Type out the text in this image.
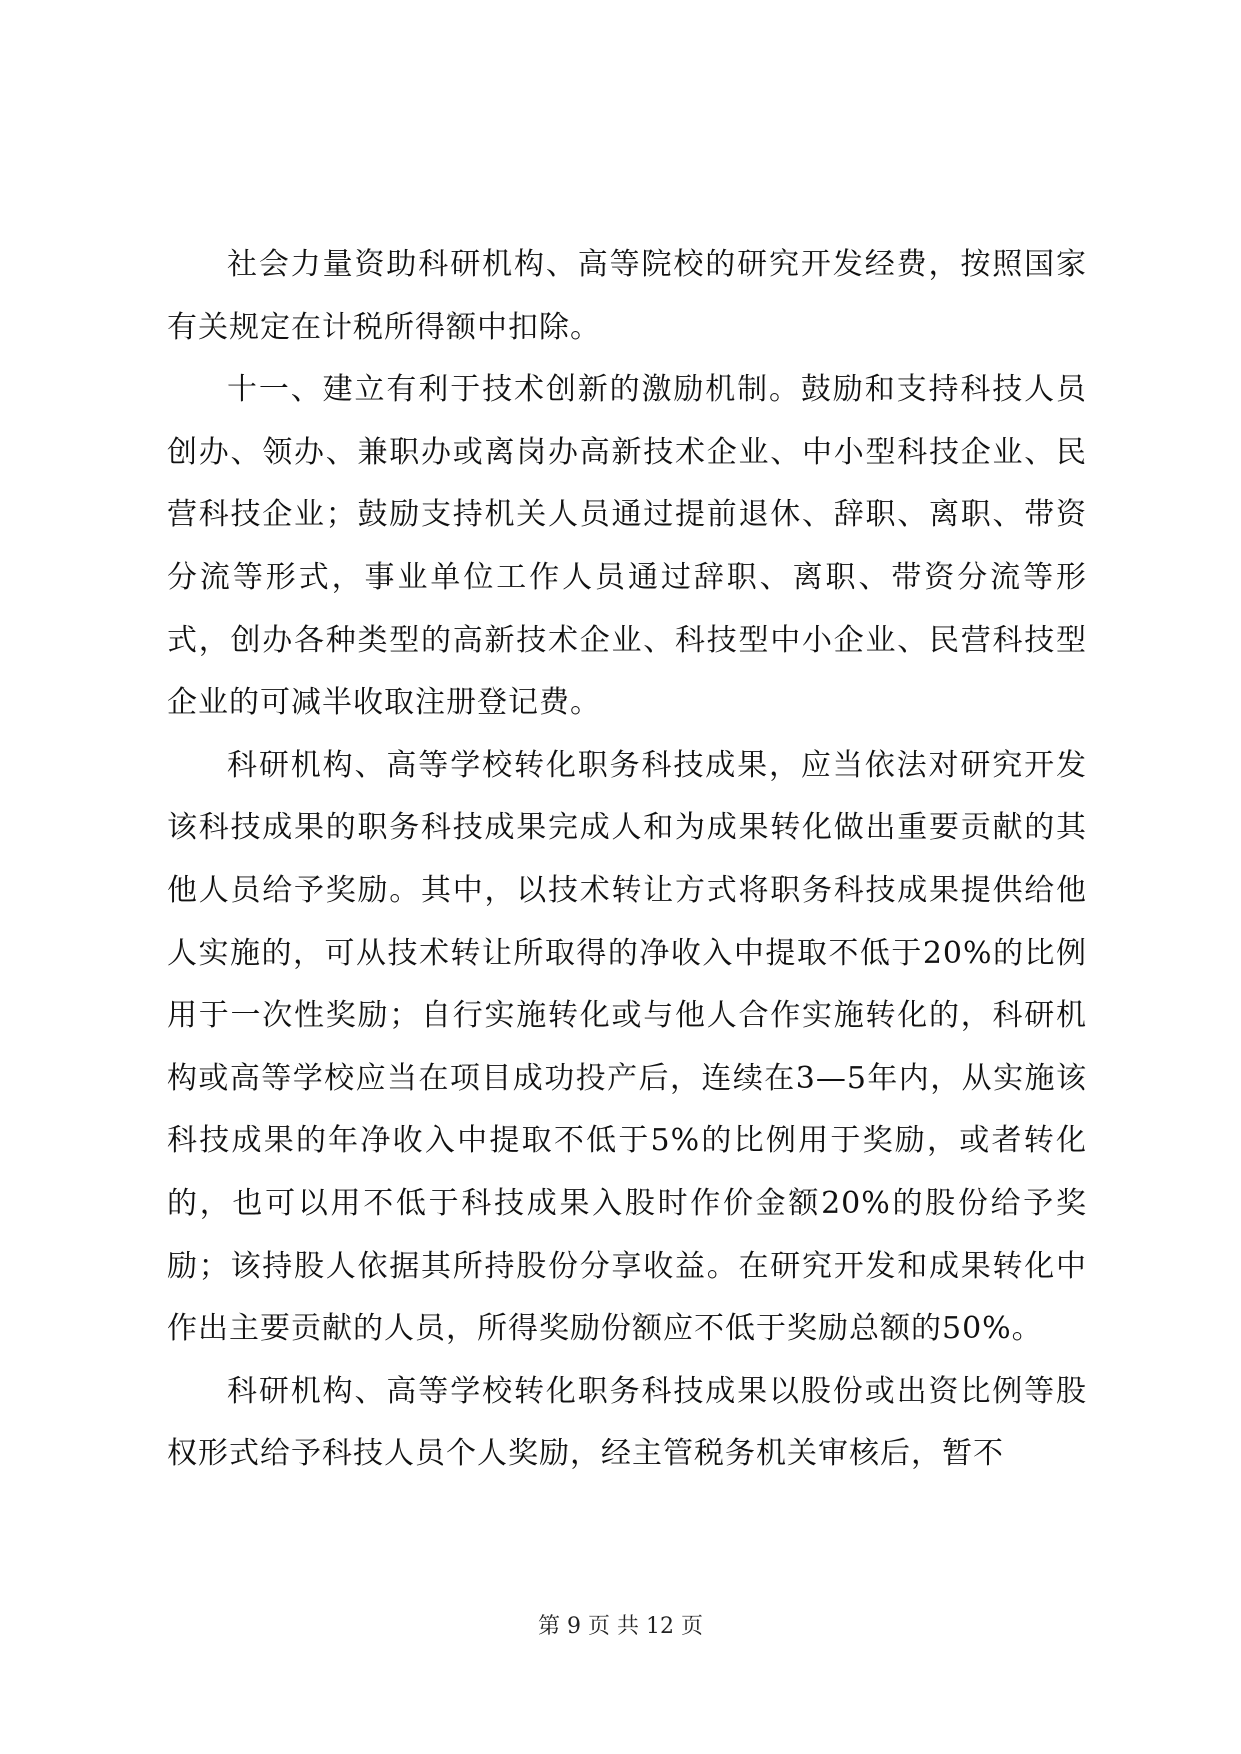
社会力量资助科研机构、高等院校的研究开发经费，按照国家有关规定在计税所得额中扣除。

十一、建立有利于技术创新的激励机制。鼓励和支持科技人员创办、领办、兼职办或离岗办高新技术企业、中小型科技企业、民营科技企业；鼓励支持机关人员通过提前退休、辞职、离职、带资分流等形式，事业单位工作人员通过辞职、离职、带资分流等形式，创办各种类型的高新技术企业、科技型中小企业、民营科技型企业的可减半收取注册登记费。

科研机构、高等学校转化职务科技成果，应当依法对研究开发该科技成果的职务科技成果完成人和为成果转化做出重要贡献的其他人员给予奖励。其中，以技术转让方式将职务科技成果提供给他人实施的，可从技术转让所取得的净收入中提取不低于20%的比例用于一次性奖励；自行实施转化或与他人合作实施转化的，科研机构或高等学校应当在项目成功投产后，连续在3—5年内，从实施该科技成果的年净收入中提取不低于5%的比例用于奖励，或者转化的，也可以用不低于科技成果入股时作价金额20%的股份给予奖励；该持股人依据其所持股份分享收益。在研究开发和成果转化中作出主要贡献的人员，所得奖励份额应不低于奖励总额的50%。

科研机构、高等学校转化职务科技成果以股份或出资比例等股权形式给予科技人员个人奖励，经主管税务机关审核后，暂不

第 9 页 共 12 页
